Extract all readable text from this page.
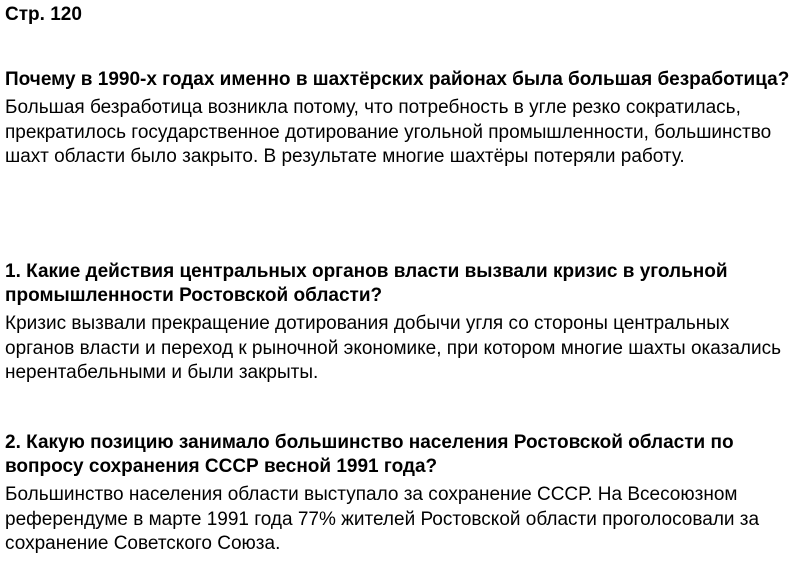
Стр. 120

Почему в 1990-х годах именно в шахтёрских районах была большая безработица?

Большая безработица возникла потому, что потребность в угле резко сократилась, прекратилось государственное дотирование угольной промышленности, большинство шахт области было закрыто. В результате многие шахтёры потеряли работу.

1. Какие действия центральных органов власти вызвали кризис в угольной промышленности Ростовской области?

Кризис вызвали прекращение дотирования добычи угля со стороны центральных органов власти и переход к рыночной экономике, при котором многие шахты оказались нерентабельными и были закрыты.

2. Какую позицию занимало большинство населения Ростовской области по вопросу сохранения СССР весной 1991 года?

Большинство населения области выступало за сохранение СССР. На Всесоюзном референдуме в марте 1991 года 77% жителей Ростовской области проголосовали за сохранение Советского Союза.
